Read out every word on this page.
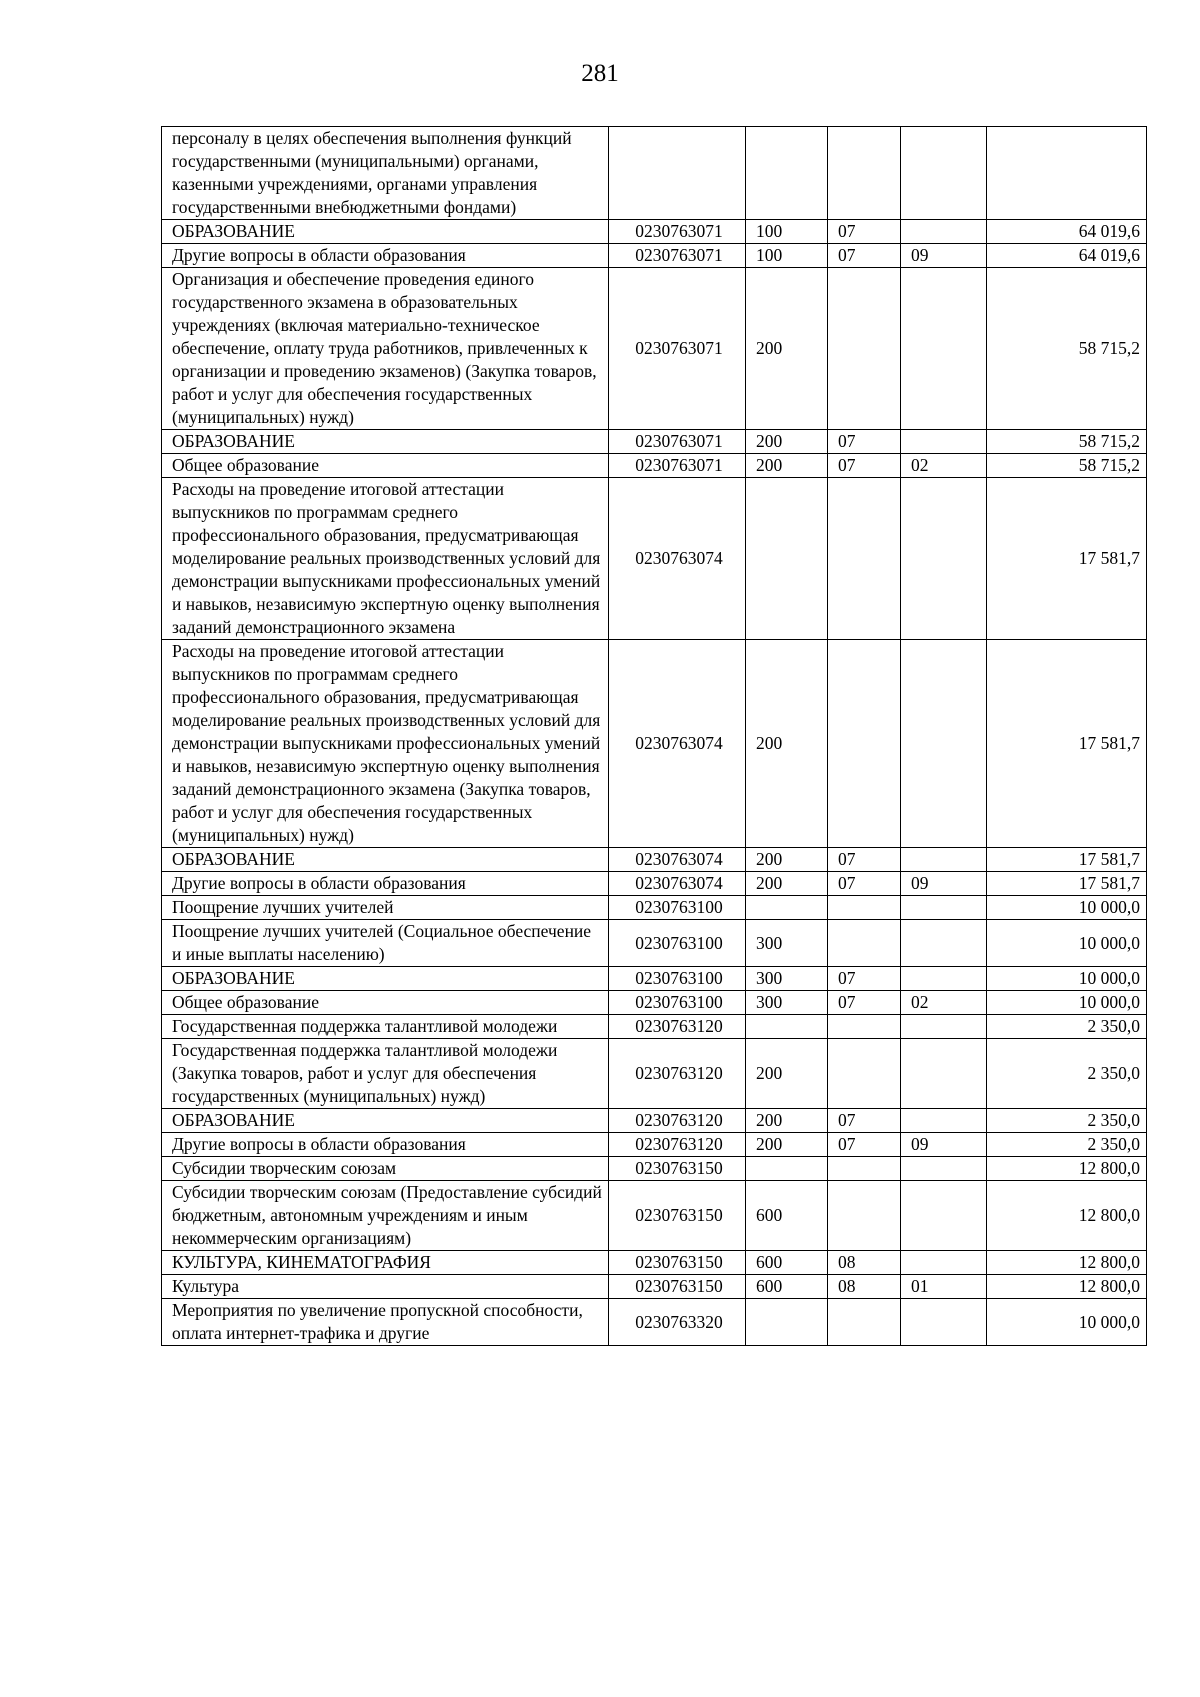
281
персоналу в целях обеспечения выполнения функций государственными (муниципальными) органами, казенными учреждениями, органами управления государственными внебюджетными фондами)					
ОБРАЗОВАНИЕ	0230763071	100	07		64 019,6
Другие вопросы в области образования	0230763071	100	07	09	64 019,6
Организация и обеспечение проведения единого государственного экзамена в образовательных учреждениях (включая материально-техническое обеспечение, оплату труда работников, привлеченных к организации и проведению экзаменов) (Закупка товаров, работ и услуг для обеспечения государственных (муниципальных) нужд)	0230763071	200			58 715,2
ОБРАЗОВАНИЕ	0230763071	200	07		58 715,2
Общее образование	0230763071	200	07	02	58 715,2
Расходы на проведение итоговой аттестации выпускников по программам среднего профессионального образования, предусматривающая моделирование реальных производственных условий для демонстрации выпускниками профессиональных умений и навыков, независимую экспертную оценку выполнения заданий демонстрационного экзамена	0230763074				17 581,7
Расходы на проведение итоговой аттестации выпускников по программам среднего профессионального образования, предусматривающая моделирование реальных производственных условий для демонстрации выпускниками профессиональных умений и навыков, независимую экспертную оценку выполнения заданий демонстрационного экзамена (Закупка товаров, работ и услуг для обеспечения государственных (муниципальных) нужд)	0230763074	200			17 581,7
ОБРАЗОВАНИЕ	0230763074	200	07		17 581,7
Другие вопросы в области образования	0230763074	200	07	09	17 581,7
Поощрение лучших учителей	0230763100				10 000,0
Поощрение лучших учителей (Социальное обеспечение и иные выплаты населению)	0230763100	300			10 000,0
ОБРАЗОВАНИЕ	0230763100	300	07		10 000,0
Общее образование	0230763100	300	07	02	10 000,0
Государственная поддержка талантливой молодежи	0230763120				2 350,0
Государственная поддержка талантливой молодежи (Закупка товаров, работ и услуг для обеспечения государственных (муниципальных) нужд)	0230763120	200			2 350,0
ОБРАЗОВАНИЕ	0230763120	200	07		2 350,0
Другие вопросы в области образования	0230763120	200	07	09	2 350,0
Субсидии творческим союзам	0230763150				12 800,0
Субсидии творческим союзам (Предоставление субсидий бюджетным, автономным учреждениям и иным некоммерческим организациям)	0230763150	600			12 800,0
КУЛЬТУРА, КИНЕМАТОГРАФИЯ	0230763150	600	08		12 800,0
Культура	0230763150	600	08	01	12 800,0
Мероприятия по увеличение пропускной способности, оплата интернет-трафика и другие	0230763320				10 000,0
